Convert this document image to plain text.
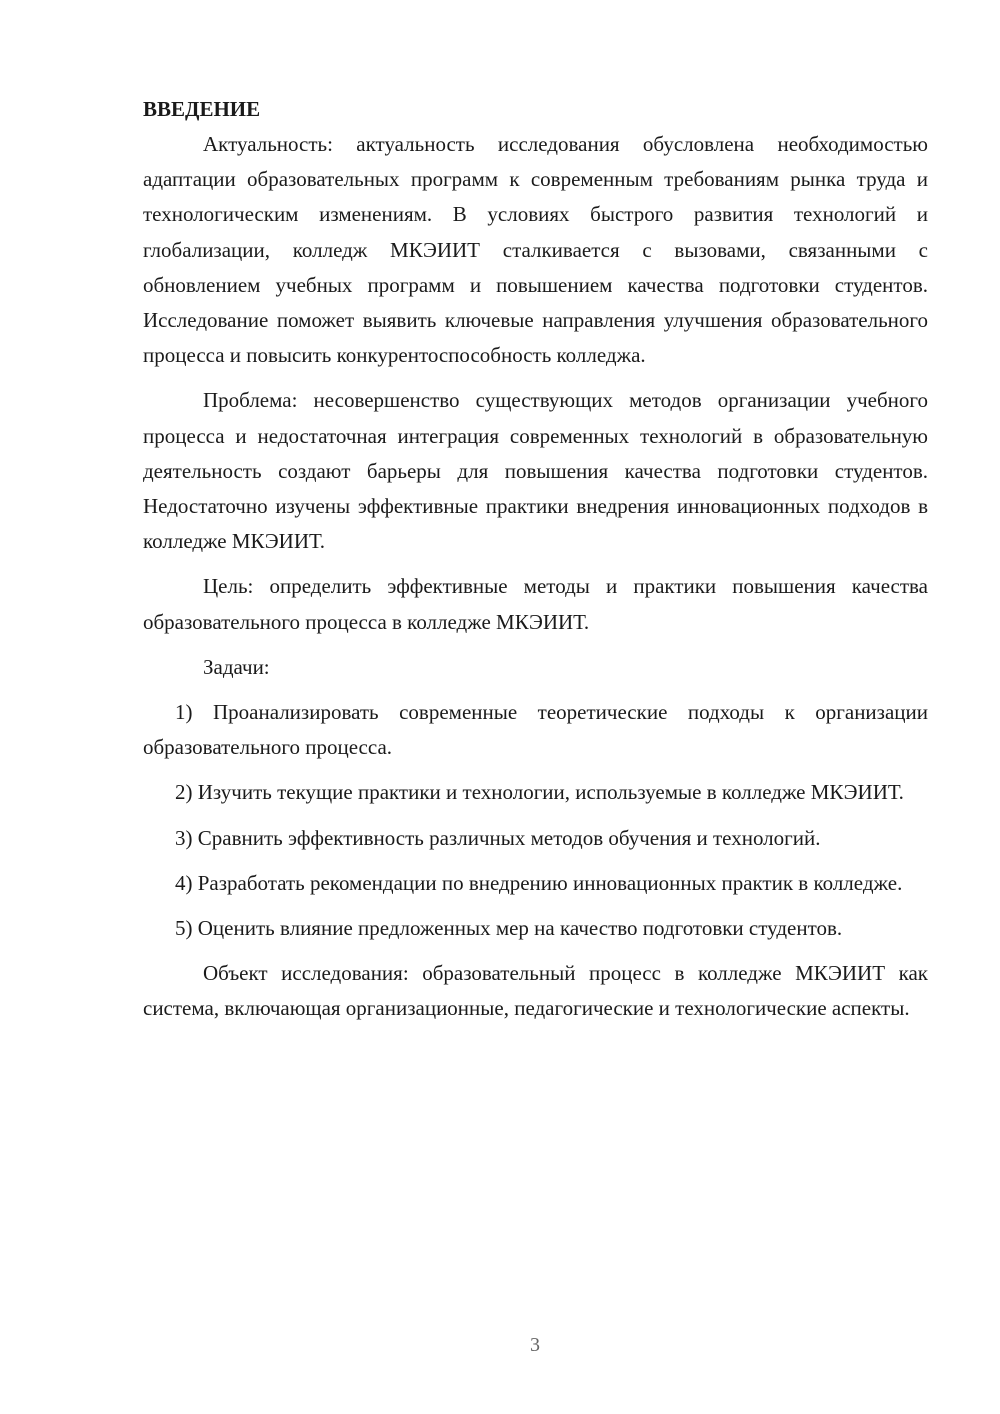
ВВЕДЕНИЕ

Актуальность: актуальность исследования обусловлена необходимостью адаптации образовательных программ к современным требованиям рынка труда и технологическим изменениям. В условиях быстрого развития технологий и глобализации, колледж МКЭИИТ сталкивается с вызовами, связанными с обновлением учебных программ и повышением качества подготовки студентов. Исследование поможет выявить ключевые направления улучшения образовательного процесса и повысить конкурентоспособность колледжа.

Проблема: несовершенство существующих методов организации учебного процесса и недостаточная интеграция современных технологий в образовательную деятельность создают барьеры для повышения качества подготовки студентов. Недостаточно изучены эффективные практики внедрения инновационных подходов в колледже МКЭИИТ.

Цель: определить эффективные методы и практики повышения качества образовательного процесса в колледже МКЭИИТ.

Задачи:

1) Проанализировать современные теоретические подходы к организации образовательного процесса.

2) Изучить текущие практики и технологии, используемые в колледже МКЭИИТ.

3) Сравнить эффективность различных методов обучения и технологий.

4) Разработать рекомендации по внедрению инновационных практик в колледже.

5) Оценить влияние предложенных мер на качество подготовки студентов.

Объект исследования: образовательный процесс в колледже МКЭИИТ как система, включающая организационные, педагогические и технологические аспекты.

3
